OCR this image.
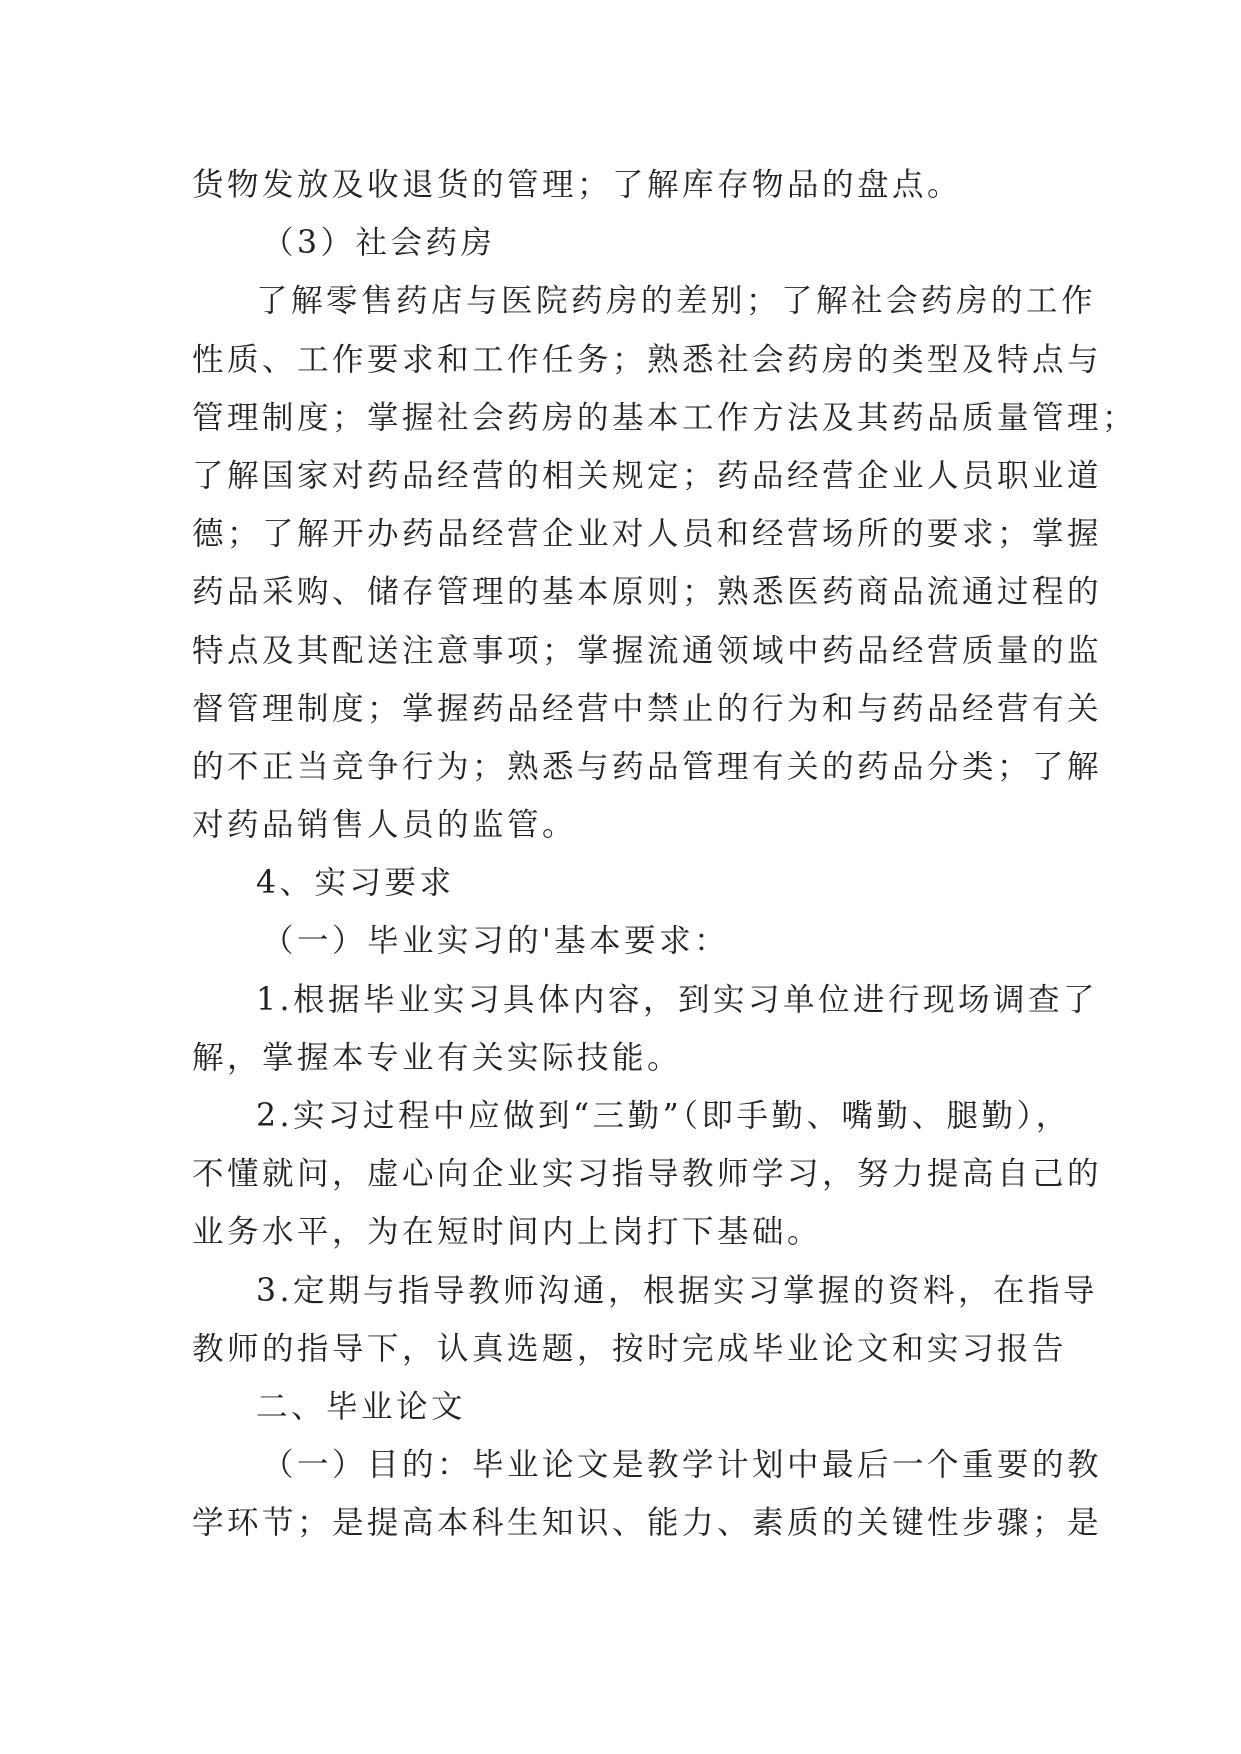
货物发放及收退货的管理；了解库存物品的盘点。
（3）社会药房
了解零售药店与医院药房的差别；了解社会药房的工作
性质、工作要求和工作任务；熟悉社会药房的类型及特点与
管理制度；掌握社会药房的基本工作方法及其药品质量管理；
了解国家对药品经营的相关规定；药品经营企业人员职业道
德；了解开办药品经营企业对人员和经营场所的要求；掌握
药品采购、储存管理的基本原则；熟悉医药商品流通过程的
特点及其配送注意事项；掌握流通领域中药品经营质量的监
督管理制度；掌握药品经营中禁止的行为和与药品经营有关
的不正当竞争行为；熟悉与药品管理有关的药品分类；了解
对药品销售人员的监管。
4、实习要求
（一）毕业实习的'基本要求：
1.根据毕业实习具体内容，到实习单位进行现场调查了
解，掌握本专业有关实际技能。
2.实习过程中应做到“三勤”（即手勤、嘴勤、腿勤），
不懂就问，虚心向企业实习指导教师学习，努力提高自己的
业务水平，为在短时间内上岗打下基础。
3.定期与指导教师沟通，根据实习掌握的资料，在指导
教师的指导下，认真选题，按时完成毕业论文和实习报告
二、毕业论文
（一）目的：毕业论文是教学计划中最后一个重要的教
学环节；是提高本科生知识、能力、素质的关键性步骤；是
